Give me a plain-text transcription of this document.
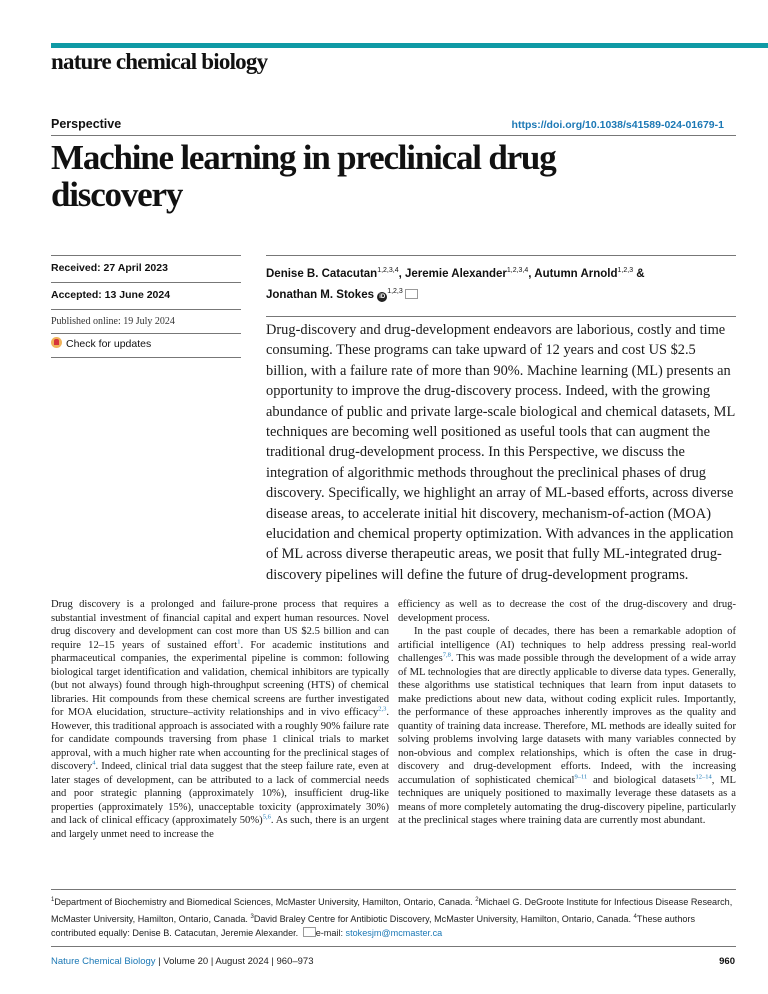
nature chemical biology
Perspective	https://doi.org/10.1038/s41589-024-01679-1
Machine learning in preclinical drug discovery
Received: 27 April 2023
Accepted: 13 June 2024
Published online: 19 July 2024
Check for updates
Denise B. Catacutan$^{1,2,3,4}$, Jeremie Alexander$^{1,2,3,4}$, Autumn Arnold$^{1,2,3}$ &
Jonathan M. Stokes iD$^{1,2,3}$
Drug-discovery and drug-development endeavors are laborious, costly and time consuming. These programs can take upward of 12 years and cost US $2.5 billion, with a failure rate of more than 90%. Machine learning (ML) presents an opportunity to improve the drug-discovery process. Indeed, with the growing abundance of public and private large-scale biological and chemical datasets, ML techniques are becoming well positioned as useful tools that can augment the traditional drug-development process. In this Perspective, we discuss the integration of algorithmic methods throughout the preclinical phases of drug discovery. Specifically, we highlight an array of ML-based efforts, across diverse disease areas, to accelerate initial hit discovery, mechanism-of-action (MOA) elucidation and chemical property optimization. With advances in the application of ML across diverse therapeutic areas, we posit that fully ML-integrated drug-discovery pipelines will define the future of drug-development programs.

Drug discovery is a prolonged and failure-prone process that requires a substantial investment of financial capital and expert human resources. Novel drug discovery and development can cost more than US $2.5 billion and can require 12–15 years of sustained effort$^1$. For academic institutions and pharmaceutical companies, the experimental pipeline is common: following biological target identification and validation, chemical inhibitors are typically (but not always) found through high-throughput screening (HTS) of chemical libraries. Hit compounds from these chemical screens are further investigated for MOA elucidation, structure–activity relationships and in vivo efficacy$^{2,3}$. However, this traditional approach is associated with a roughly 90% failure rate for candidate compounds traversing from phase 1 clinical trials to market approval, with a much higher rate when accounting for the preclinical stages of discovery$^4$. Indeed, clinical trial data suggest that the steep failure rate, even at later stages of development, can be attributed to a lack of commercial needs and poor strategic planning (approximately 10%), insufficient drug-like properties (approximately 15%), unacceptable toxicity (approximately 30%) and lack of clinical efficacy (approximately 50%)$^{5,6}$. As such, there is an urgent and largely unmet need to increase the

efficiency as well as to decrease the cost of the drug-discovery and drug-development process.

In the past couple of decades, there has been a remarkable adoption of artificial intelligence (AI) techniques to help address pressing real-world challenges$^{7,8}$. This was made possible through the development of a wide array of ML technologies that are directly applicable to diverse data types. Generally, these algorithms use statistical techniques that learn from input datasets to make predictions about new data, without coding explicit rules. Importantly, the performance of these approaches inherently improves as the quality and quantity of training data increase. Therefore, ML methods are ideally suited for solving problems involving large datasets with many variables connected by non-obvious and complex relationships, which is often the case in drug-discovery and drug-development efforts. Indeed, with the increasing accumulation of sophisticated chemical$^{9-11}$ and biological datasets$^{12-14}$, ML techniques are uniquely positioned to maximally leverage these datasets as a means of more completely automating the drug-discovery pipeline, particularly at the preclinical stages where training data are currently most abundant.

$^1$Department of Biochemistry and Biomedical Sciences, McMaster University, Hamilton, Ontario, Canada. $^2$Michael G. DeGroote Institute for Infectious Disease Research, McMaster University, Hamilton, Ontario, Canada. $^3$David Braley Centre for Antibiotic Discovery, McMaster University, Hamilton, Ontario, Canada. $^4$These authors contributed equally: Denise B. Catacutan, Jeremie Alexander. e-mail: stokesjm@mcmaster.ca
Nature Chemical Biology | Volume 20 | August 2024 | 960–973	960
